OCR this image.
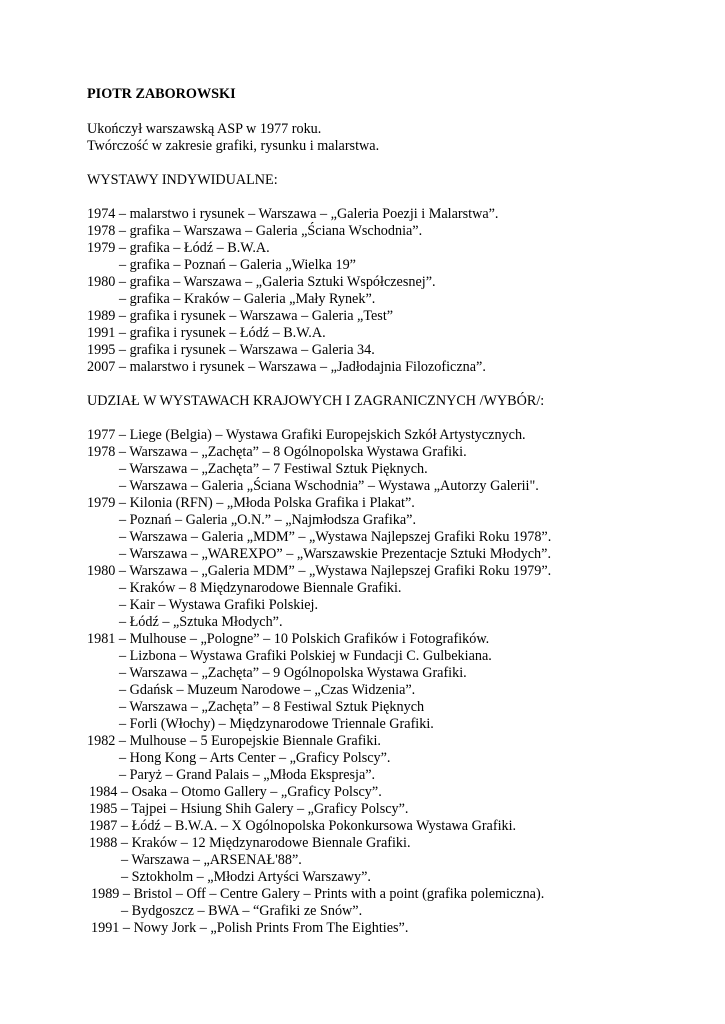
PIOTR ZABOROWSKI
Ukończył warszawską ASP w 1977 roku.
Twórczość w zakresie grafiki, rysunku i malarstwa.
WYSTAWY INDYWIDUALNE:
1974 – malarstwo i rysunek – Warszawa – „Galeria Poezji i Malarstwa”.
1978 – grafika – Warszawa – Galeria „Ściana Wschodnia”.
1979 – grafika – Łódź – B.W.A.
– grafika – Poznań – Galeria „Wielka 19”
1980 – grafika – Warszawa – „Galeria Sztuki Współczesnej”.
– grafika – Kraków – Galeria „Mały Rynek”.
1989 – grafika i rysunek – Warszawa – Galeria „Test”
1991 – grafika i rysunek – Łódź – B.W.A.
1995 – grafika i rysunek – Warszawa – Galeria 34.
2007 – malarstwo i rysunek – Warszawa – „Jadłodajnia Filozoficzna”.
UDZIAŁ W WYSTAWACH KRAJOWYCH I ZAGRANICZNYCH /WYBÓR/:
1977 – Liege (Belgia) – Wystawa Grafiki Europejskich Szkół Artystycznych.
1978 – Warszawa – „Zachęta” – 8 Ogólnopolska Wystawa Grafiki.
– Warszawa – „Zachęta” – 7 Festiwal Sztuk Pięknych.
– Warszawa – Galeria „Ściana Wschodnia” – Wystawa „Autorzy Galerii".
1979 – Kilonia (RFN) – „Młoda Polska Grafika i Plakat”.
– Poznań – Galeria „O.N.” – „Najmłodsza Grafika”.
– Warszawa – Galeria „MDM” – „Wystawa Najlepszej Grafiki Roku 1978”.
– Warszawa – „WAREXPO” – „Warszawskie Prezentacje Sztuki Młodych”.
1980 – Warszawa – „Galeria MDM” – „Wystawa Najlepszej Grafiki Roku 1979”.
– Kraków – 8 Międzynarodowe Biennale Grafiki.
– Kair – Wystawa Grafiki Polskiej.
– Łódź – „Sztuka Młodych”.
1981 – Mulhouse – „Pologne” – 10 Polskich Grafików i Fotografików.
– Lizbona – Wystawa Grafiki Polskiej w Fundacji C. Gulbekiana.
– Warszawa – „Zachęta” – 9 Ogólnopolska Wystawa Grafiki.
– Gdańsk – Muzeum Narodowe – „Czas Widzenia”.
– Warszawa – „Zachęta” – 8 Festiwal Sztuk Pięknych
– Forli (Włochy) – Międzynarodowe Triennale Grafiki.
1982 – Mulhouse – 5 Europejskie Biennale Grafiki.
– Hong Kong – Arts Center – „Graficy Polscy”.
– Paryż – Grand Palais – „Młoda Ekspresja”.
1984 – Osaka – Otomo Gallery – „Graficy Polscy”.
1985 – Tajpei – Hsiung Shih Galery – „Graficy Polscy”.
1987 – Łódź – B.W.A. – X Ogólnopolska Pokonkursowa Wystawa Grafiki.
1988 – Kraków – 12 Międzynarodowe Biennale Grafiki.
– Warszawa – „ARSENAŁ'88”.
– Sztokholm – „Młodzi Artyści Warszawy”.
1989 – Bristol – Off – Centre Galery – Prints with a point (grafika polemiczna).
– Bydgoszcz – BWA – “Grafiki ze Snów”.
1991 – Nowy Jork – „Polish Prints From The Eighties”.
